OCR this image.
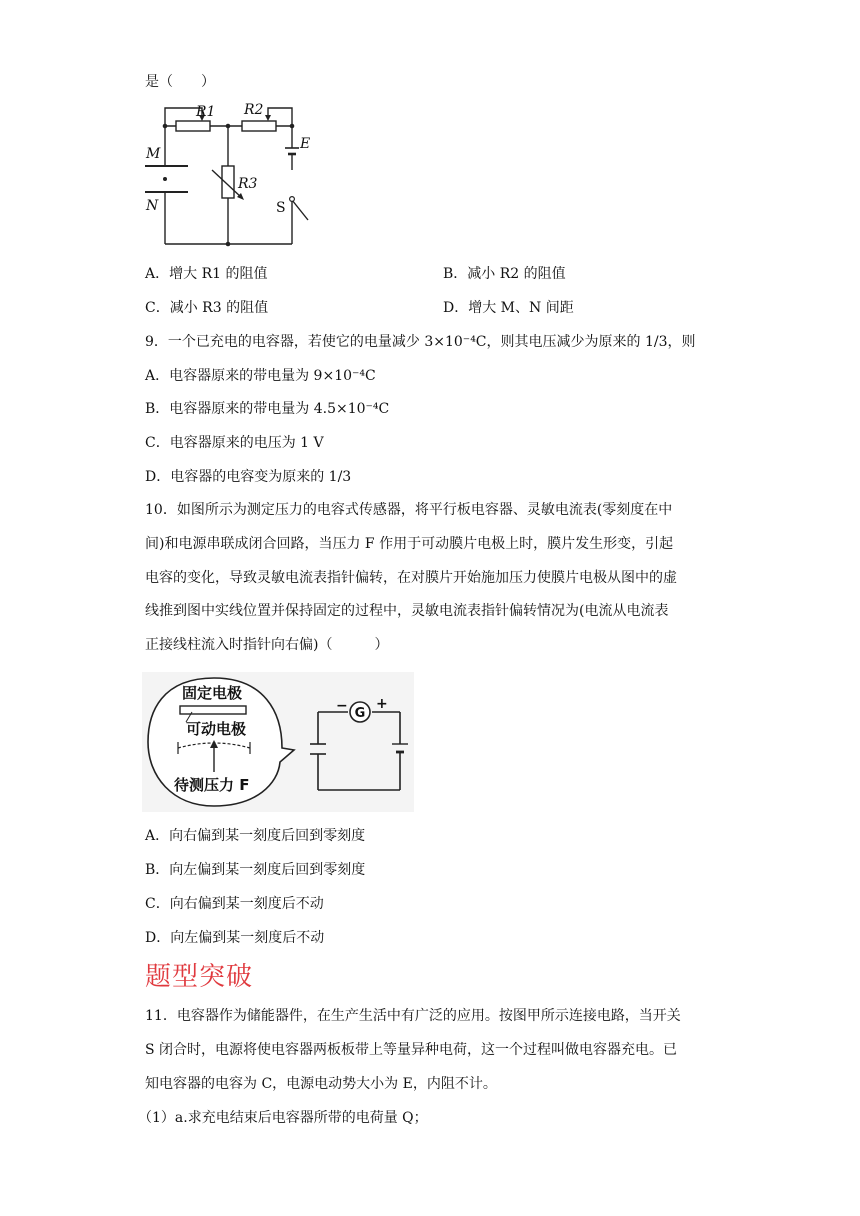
是（　　）
R1 R2
R3
E
M
N	S
A．增大 R1 的阻值	B．减小 R2 的阻值
C．减小 R3 的阻值	D．增大 M、N 间距
9．一个已充电的电容器，若使它的电量减少 3×10⁻⁴C，则其电压减少为原来的 1/3，则
A．电容器原来的带电量为 9×10⁻⁴C
B．电容器原来的带电量为 4.5×10⁻⁴C
C．电容器原来的电压为 1 V
D．电容器的电容变为原来的 1/3
10．如图所示为测定压力的电容式传感器，将平行板电容器、灵敏电流表(零刻度在中
间)和电源串联成闭合回路，当压力 F 作用于可动膜片电极上时，膜片发生形变，引起
电容的变化，导致灵敏电流表指针偏转，在对膜片开始施加压力使膜片电极从图中的虚
线推到图中实线位置并保持固定的过程中，灵敏电流表指针偏转情况为(电流从电流表
正接线柱流入时指针向右偏)（　　　）
G
− +
固定电极
可动电极
待测压力 F
A．向右偏到某一刻度后回到零刻度
B．向左偏到某一刻度后回到零刻度
C．向右偏到某一刻度后不动
D．向左偏到某一刻度后不动
题型突破
11．电容器作为储能器件，在生产生活中有广泛的应用。按图甲所示连接电路，当开关
S 闭合时，电源将使电容器两板板带上等量异种电荷，这一个过程叫做电容器充电。已
知电容器的电容为 C，电源电动势大小为 E，内阻不计。
（1）a.求充电结束后电容器所带的电荷量 Q；
